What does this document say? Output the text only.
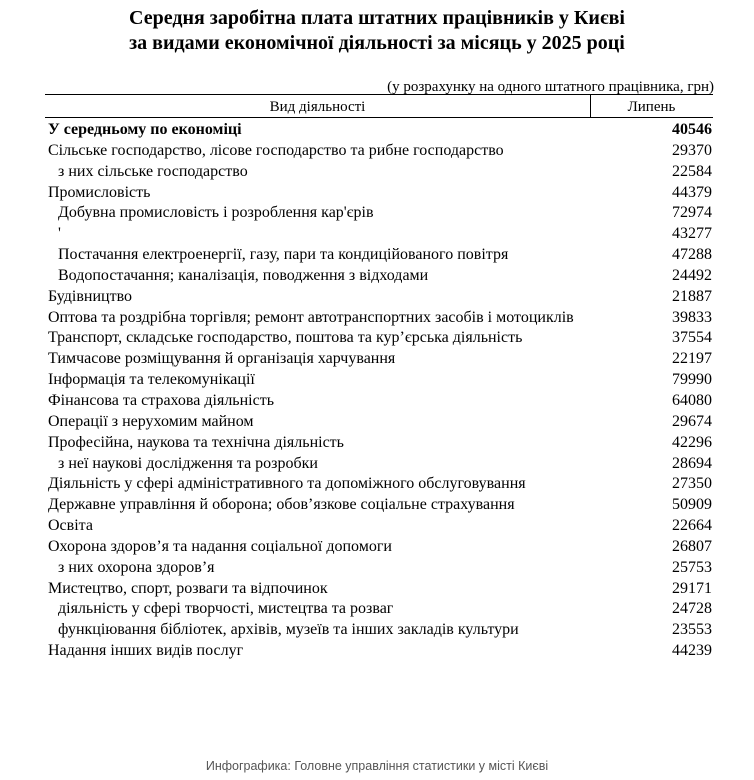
Середня заробітна плата штатних працівників у Києві
за видами економічної діяльності за місяць у 2025 році
(у розрахунку на одного штатного працівника, грн)
Вид діяльності	Липень
У середньому по економіці	40546
Сільське господарство, лісове господарство та рибне господарство	29370
з них сільське господарство	22584
Промисловість	44379
Добувна промисловість і розроблення кар'єрів	72974
'	43277
Постачання електроенергії, газу, пари та кондиційованого повітря	47288
Водопостачання; каналізація, поводження з відходами	24492
Будівництво	21887
Оптова та роздрібна торгівля; ремонт автотранспортних засобів і мотоциклів	39833
Транспорт, складське господарство, поштова та кур’єрська діяльність	37554
Тимчасове розміщування й організація харчування	22197
Інформація та телекомунікації	79990
Фінансова та страхова діяльність	64080
Операції з нерухомим майном	29674
Професійна, наукова та технічна діяльність	42296
з неї наукові дослідження та розробки	28694
Діяльність у сфері адміністративного та допоміжного обслуговування	27350
Державне управління й оборона; обов’язкове соціальне страхування	50909
Освіта	22664
Охорона здоров’я та надання соціальної допомоги	26807
з них охорона здоров’я	25753
Мистецтво, спорт, розваги та відпочинок	29171
діяльність у сфері творчості, мистецтва та розваг	24728
функціювання бібліотек, архівів, музеїв та інших закладів культури	23553
Надання інших видів послуг	44239
Инфографика: Головне управління статистики у місті Києві
